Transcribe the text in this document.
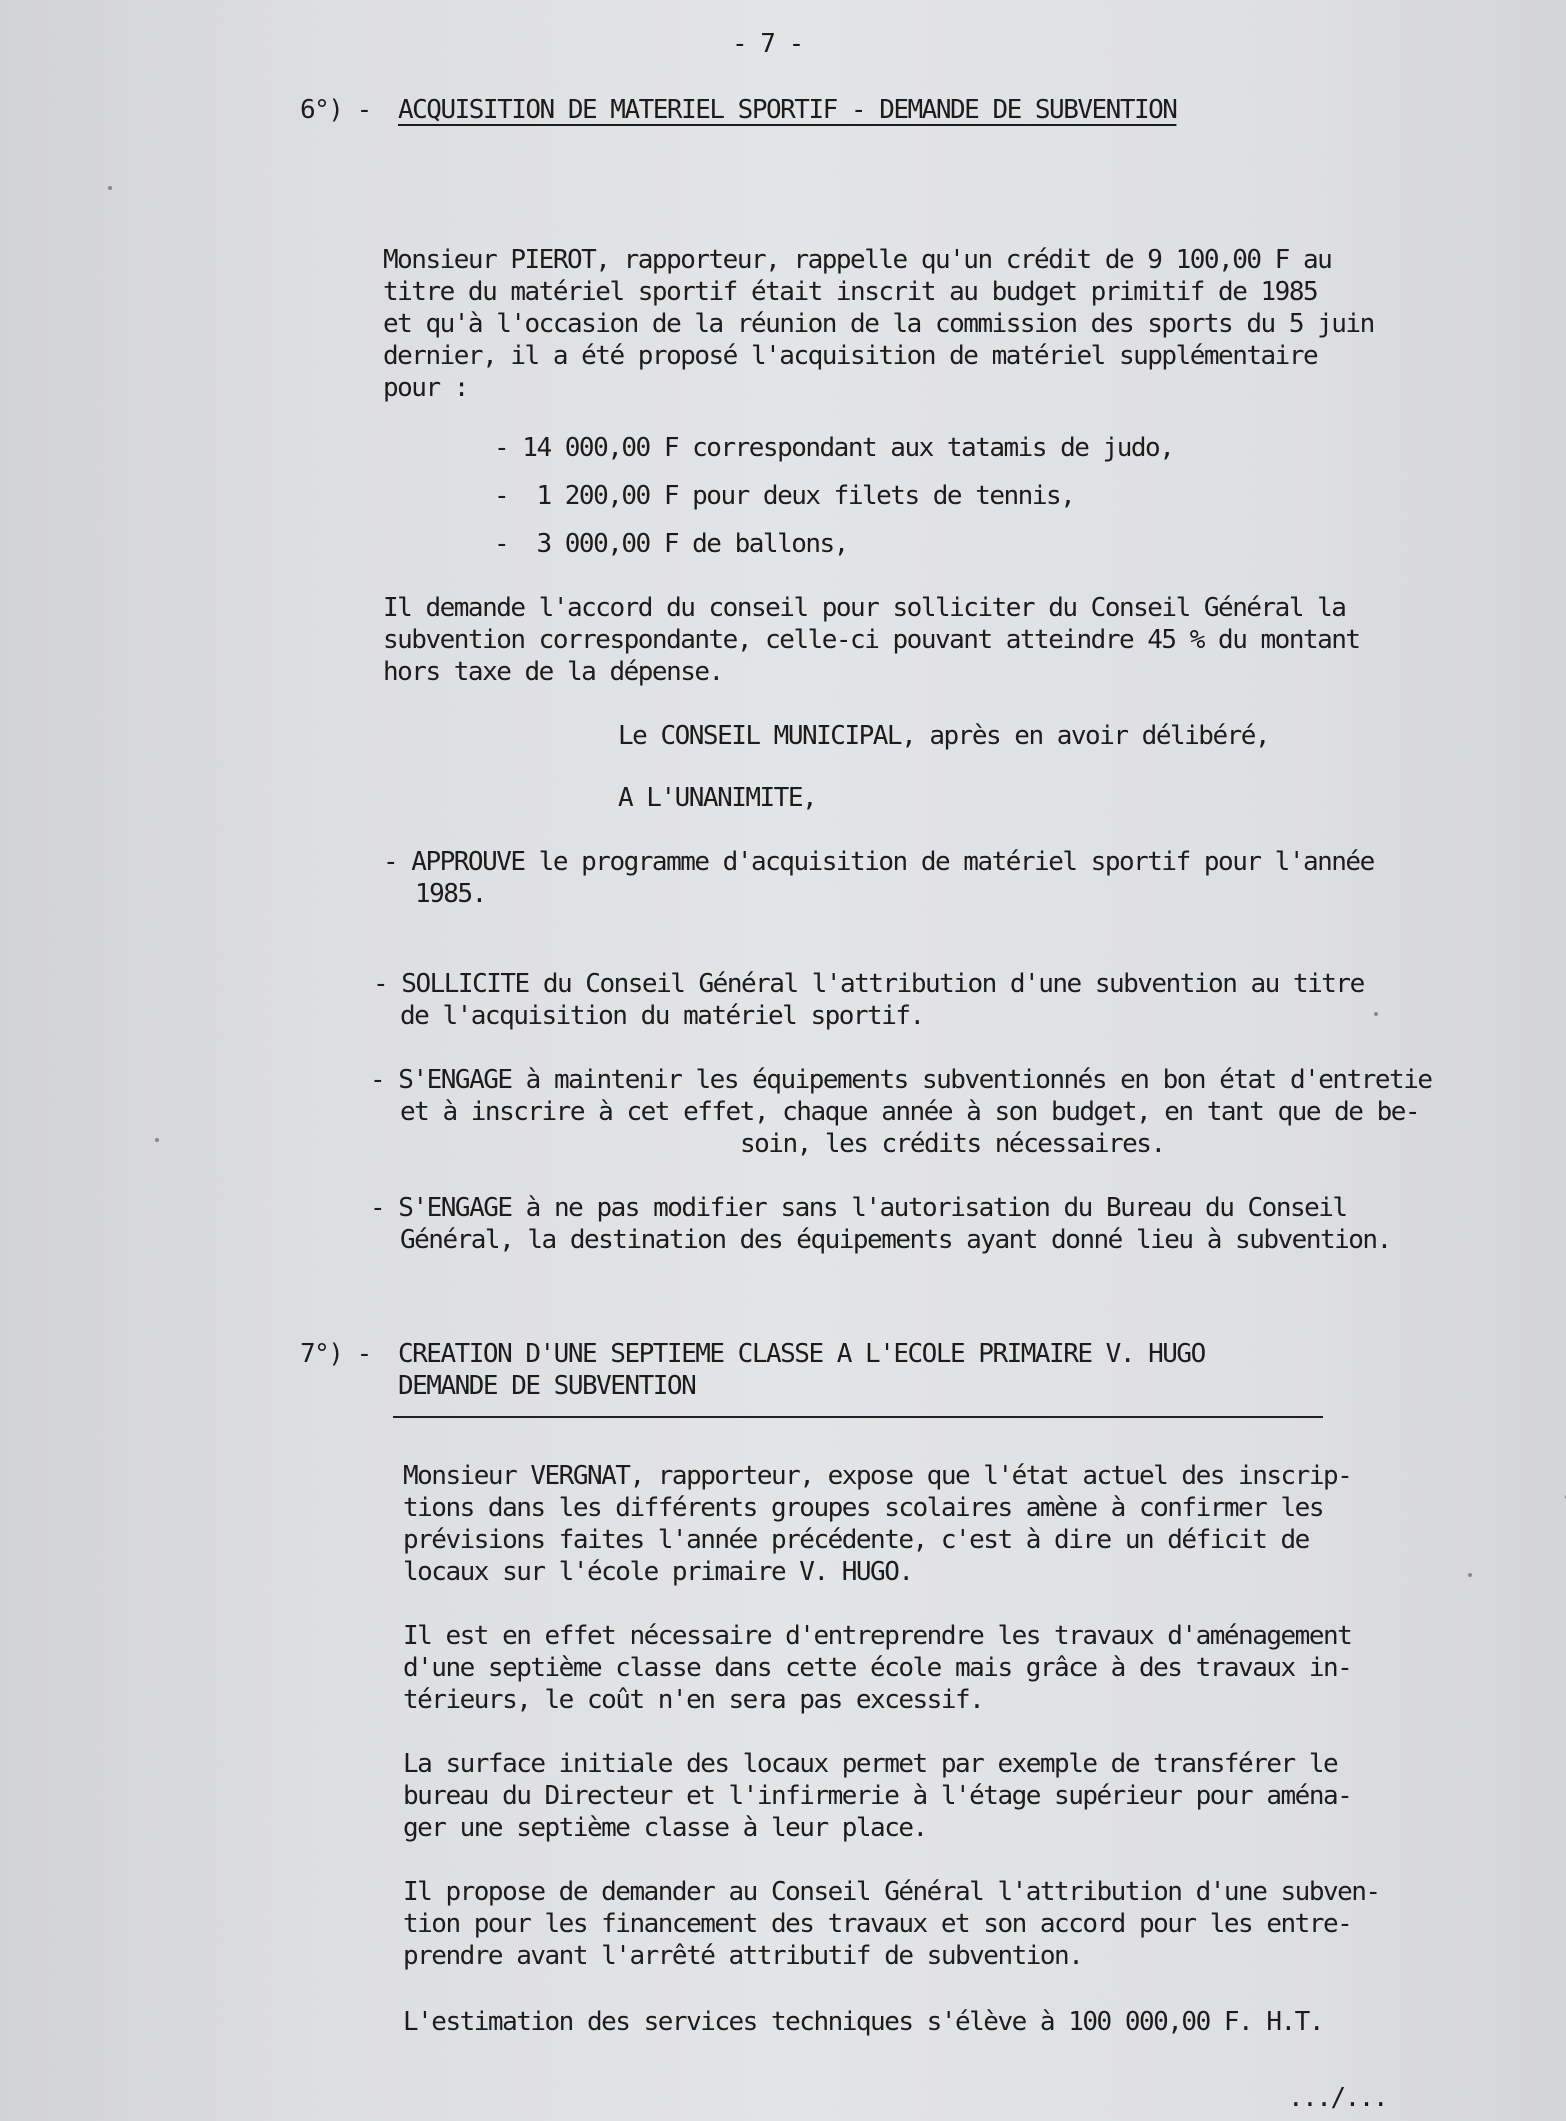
- 7 -
6°) - ACQUISITION DE MATERIEL SPORTIF - DEMANDE DE SUBVENTION
Monsieur PIEROT, rapporteur, rappelle qu'un crédit de 9 100,00 F au
titre du matériel sportif était inscrit au budget primitif de 1985
et qu'à l'occasion de la réunion de la commission des sports du 5 juin
dernier, il a été proposé l'acquisition de matériel supplémentaire
pour :
- 14 000,00 F correspondant aux tatamis de judo,
-  1 200,00 F pour deux filets de tennis,
-  3 000,00 F de ballons,
Il demande l'accord du conseil pour solliciter du Conseil Général la
subvention correspondante, celle-ci pouvant atteindre 45 % du montant
hors taxe de la dépense.
Le CONSEIL MUNICIPAL, après en avoir délibéré,
A L'UNANIMITE,
- APPROUVE le programme d'acquisition de matériel sportif pour l'année
1985.
- SOLLICITE du Conseil Général l'attribution d'une subvention au titre
de l'acquisition du matériel sportif.
- S'ENGAGE à maintenir les équipements subventionnés en bon état d'entretie
et à inscrire à cet effet, chaque année à son budget, en tant que de be-
soin, les crédits nécessaires.
- S'ENGAGE à ne pas modifier sans l'autorisation du Bureau du Conseil
Général, la destination des équipements ayant donné lieu à subvention.
7°) - CREATION D'UNE SEPTIEME CLASSE A L'ECOLE PRIMAIRE V. HUGO
DEMANDE DE SUBVENTION
Monsieur VERGNAT, rapporteur, expose que l'état actuel des inscrip-
tions dans les différents groupes scolaires amène à confirmer les
prévisions faites l'année précédente, c'est à dire un déficit de
locaux sur l'école primaire V. HUGO.
Il est en effet nécessaire d'entreprendre les travaux d'aménagement
d'une septième classe dans cette école mais grâce à des travaux in-
térieurs, le coût n'en sera pas excessif.
La surface initiale des locaux permet par exemple de transférer le
bureau du Directeur et l'infirmerie à l'étage supérieur pour aména-
ger une septième classe à leur place.
Il propose de demander au Conseil Général l'attribution d'une subven-
tion pour les financement des travaux et son accord pour les entre-
prendre avant l'arrêté attributif de subvention.
L'estimation des services techniques s'élève à 100 000,00 F. H.T.
.../...
